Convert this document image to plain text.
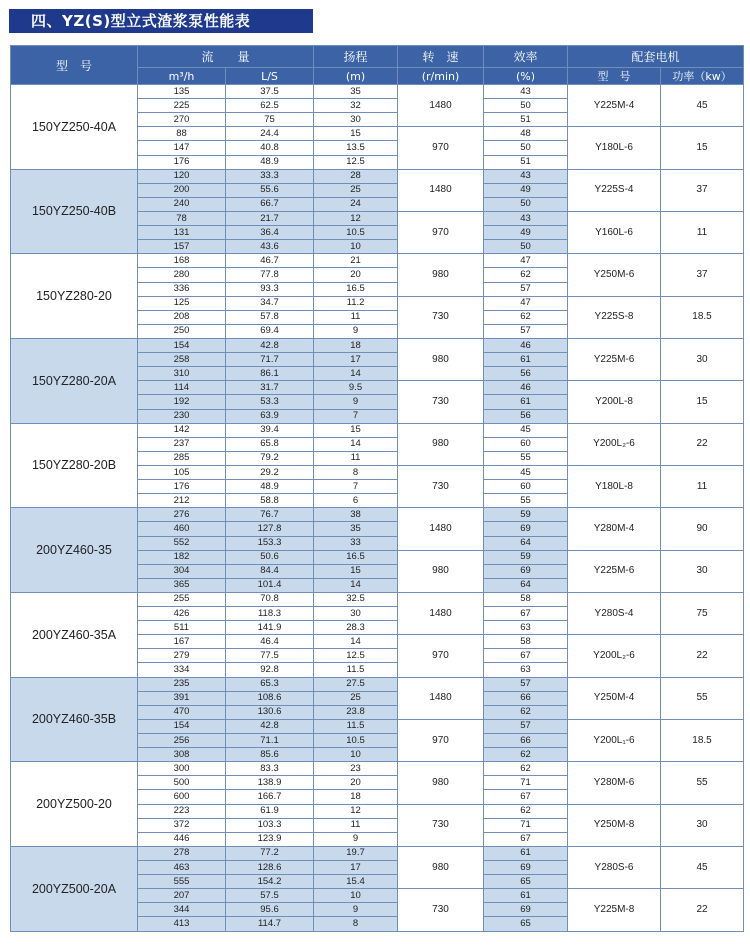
四、YZ(S)型立式渣浆泵性能表
型　号	流　　量		扬程	转　速	效率	配套电机	
	m³/h	L/S	(m)	(r/min)	(%)	型　号	功率（kw）
150YZ250-40A	135	37.5	35	1480	43	Y225M-4	45
	225	62.5	32		50		
	270	75	30		51		
	88	24.4	15	970	48	Y180L-6	15
	147	40.8	13.5		50		
	176	48.9	12.5		51		
150YZ250-40B	120	33.3	28	1480	43	Y225S-4	37
	200	55.6	25		49		
	240	66.7	24		50		
	78	21.7	12	970	43	Y160L-6	11
	131	36.4	10.5		49		
	157	43.6	10		50		
150YZ280-20	168	46.7	21	980	47	Y250M-6	37
	280	77.8	20		62		
	336	93.3	16.5		57		
	125	34.7	11.2	730	47	Y225S-8	18.5
	208	57.8	11		62		
	250	69.4	9		57		
150YZ280-20A	154	42.8	18	980	46	Y225M-6	30
	258	71.7	17		61		
	310	86.1	14		56		
	114	31.7	9.5	730	46	Y200L-8	15
	192	53.3	9		61		
	230	63.9	7		56		
150YZ280-20B	142	39.4	15	980	45	Y200L₂-6	22
	237	65.8	14		60		
	285	79.2	11		55		
	105	29.2	8	730	45	Y180L-8	11
	176	48.9	7		60		
	212	58.8	6		55		
200YZ460-35	276	76.7	38	1480	59	Y280M-4	90
	460	127.8	35		69		
	552	153.3	33		64		
	182	50.6	16.5	980	59	Y225M-6	30
	304	84.4	15		69		
	365	101.4	14		64		
200YZ460-35A	255	70.8	32.5	1480	58	Y280S-4	75
	426	118.3	30		67		
	511	141.9	28.3		63		
	167	46.4	14	970	58	Y200L₂-6	22
	279	77.5	12.5		67		
	334	92.8	11.5		63		
200YZ460-35B	235	65.3	27.5	1480	57	Y250M-4	55
	391	108.6	25		66		
	470	130.6	23.8		62		
	154	42.8	11.5	970	57	Y200L₁-6	18.5
	256	71.1	10.5		66		
	308	85.6	10		62		
200YZ500-20	300	83.3	23	980	62	Y280M-6	55
	500	138.9	20		71		
	600	166.7	18		67		
	223	61.9	12	730	62	Y250M-8	30
	372	103.3	11		71		
	446	123.9	9		67		
200YZ500-20A	278	77.2	19.7	980	61	Y280S-6	45
	463	128.6	17		69		
	555	154.2	15.4		65		
	207	57.5	10	730	61	Y225M-8	22
	344	95.6	9		69		
	413	114.7	8		65		
